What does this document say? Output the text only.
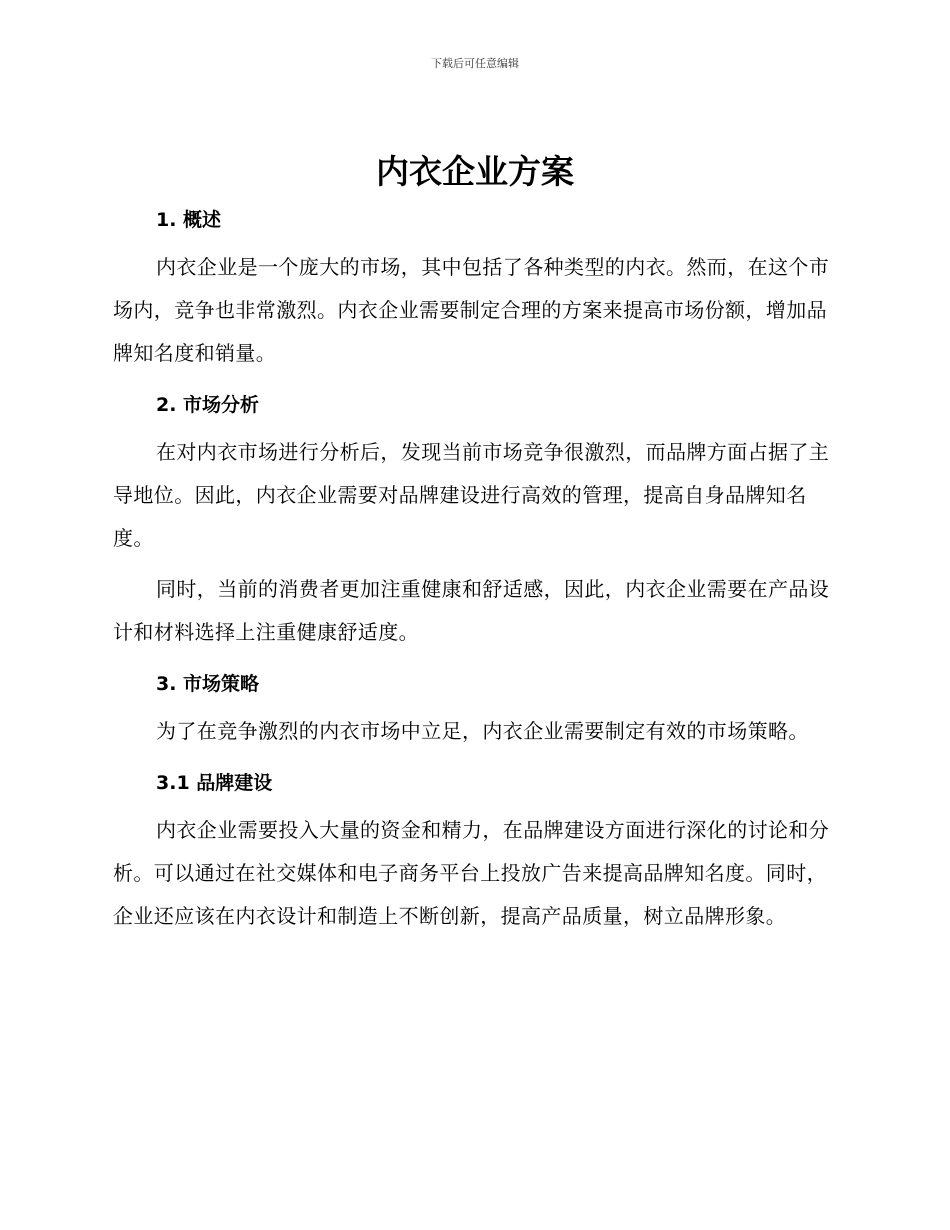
下载后可任意编辑
内衣企业方案
1. 概述

内衣企业是一个庞大的市场，其中包括了各种类型的内衣。然而，在这个市场内，竞争也非常激烈。内衣企业需要制定合理的方案来提高市场份额，增加品牌知名度和销量。

2. 市场分析

在对内衣市场进行分析后，发现当前市场竞争很激烈，而品牌方面占据了主导地位。因此，内衣企业需要对品牌建设进行高效的管理，提高自身品牌知名度。

同时，当前的消费者更加注重健康和舒适感，因此，内衣企业需要在产品设计和材料选择上注重健康舒适度。

3. 市场策略

为了在竞争激烈的内衣市场中立足，内衣企业需要制定有效的市场策略。

3.1 品牌建设

内衣企业需要投入大量的资金和精力，在品牌建设方面进行深化的讨论和分析。可以通过在社交媒体和电子商务平台上投放广告来提高品牌知名度。同时，企业还应该在内衣设计和制造上不断创新，提高产品质量，树立品牌形象。
